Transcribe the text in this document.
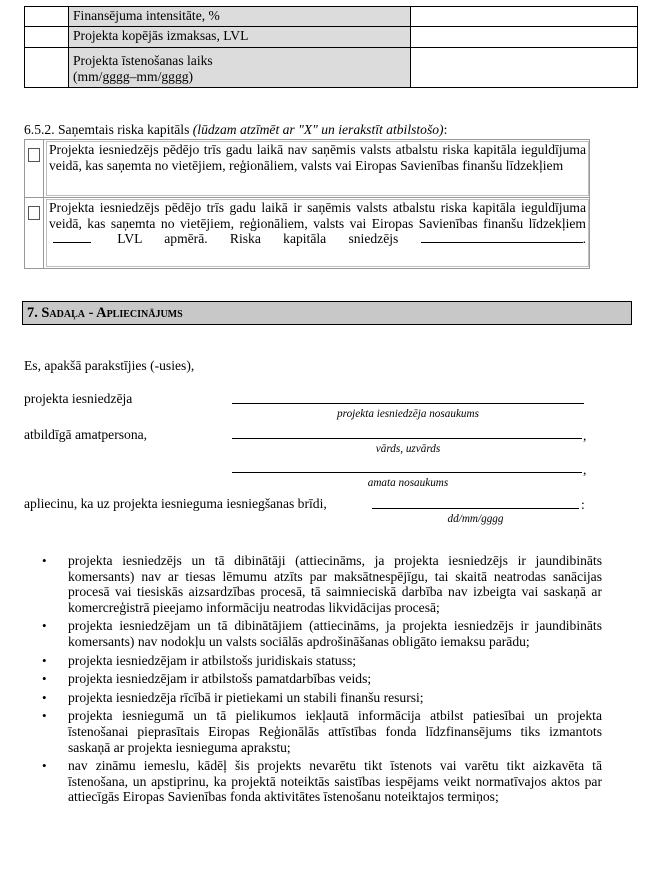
	Finansējuma intensitāte, %	
	Projekta kopējās izmaksas, LVL	
	Projekta īstenošanas laiks
(mm/gggg–mm/gggg)	
6.5.2. Saņemtais riska kapitāls (lūdzam atzīmēt ar "X" un ierakstīt atbilstošo):

	Projekta iesniedzējs pēdējo trīs gadu laikā nav saņēmis valsts atbalstu riska kapitāla ieguldījuma veidā, kas saņemta no vietējiem, reģionāliem, valsts vai Eiropas Savienības finanšu līdzekļiem

	Projekta iesniedzējs pēdējo trīs gadu laikā ir saņēmis valsts atbalstu riska kapitāla ieguldījuma veidā, kas saņemta no vietējiem, reģionāliem, valsts vai Eiropas Savienības finanšu līdzekļiem  LVL apmērā. Riska kapitāla sniedzējs .
7. Sadaļa - Apliecinājums
Es, apakšā parakstījies (-usies),
projekta iesniedzēja
projekta iesniedzēja nosaukums
atbildīgā amatpersona,	,
vārds, uzvārds
,
amata nosaukums
apliecinu, ka uz projekta iesnieguma iesniegšanas brīdi,	:
dd/mm/gggg
• projekta iesniedzējs un tā dibinātāji (attiecināms, ja projekta iesniedzējs ir jaundibināts komersants) nav ar tiesas lēmumu atzīts par maksātnespējīgu, tai skaitā neatrodas sanācijas procesā vai tiesiskās aizsardzības procesā, tā saimnieciskā darbība nav izbeigta vai saskaņā ar komercreģistrā pieejamo informāciju neatrodas likvidācijas procesā;
• projekta iesniedzējam un tā dibinātājiem (attiecināms, ja projekta iesniedzējs ir jaundibināts komersants) nav nodokļu un valsts sociālās apdrošināšanas obligāto iemaksu parādu;
• projekta iesniedzējam ir atbilstošs juridiskais statuss;
• projekta iesniedzējam ir atbilstošs pamatdarbības veids;
• projekta iesniedzēja rīcībā ir pietiekami un stabili finanšu resursi;
• projekta iesniegumā un tā pielikumos iekļautā informācija atbilst patiesībai un projekta īstenošanai pieprasītais Eiropas Reģionālās attīstības fonda līdzfinansējums tiks izmantots saskaņā ar projekta iesnieguma aprakstu;
• nav zināmu iemeslu, kādēļ šis projekts nevarētu tikt īstenots vai varētu tikt aizkavēta tā īstenošana, un apstiprinu, ka projektā noteiktās saistības iespējams veikt normatīvajos aktos par attiecīgās Eiropas Savienības fonda aktivitātes īstenošanu noteiktajos termiņos;
